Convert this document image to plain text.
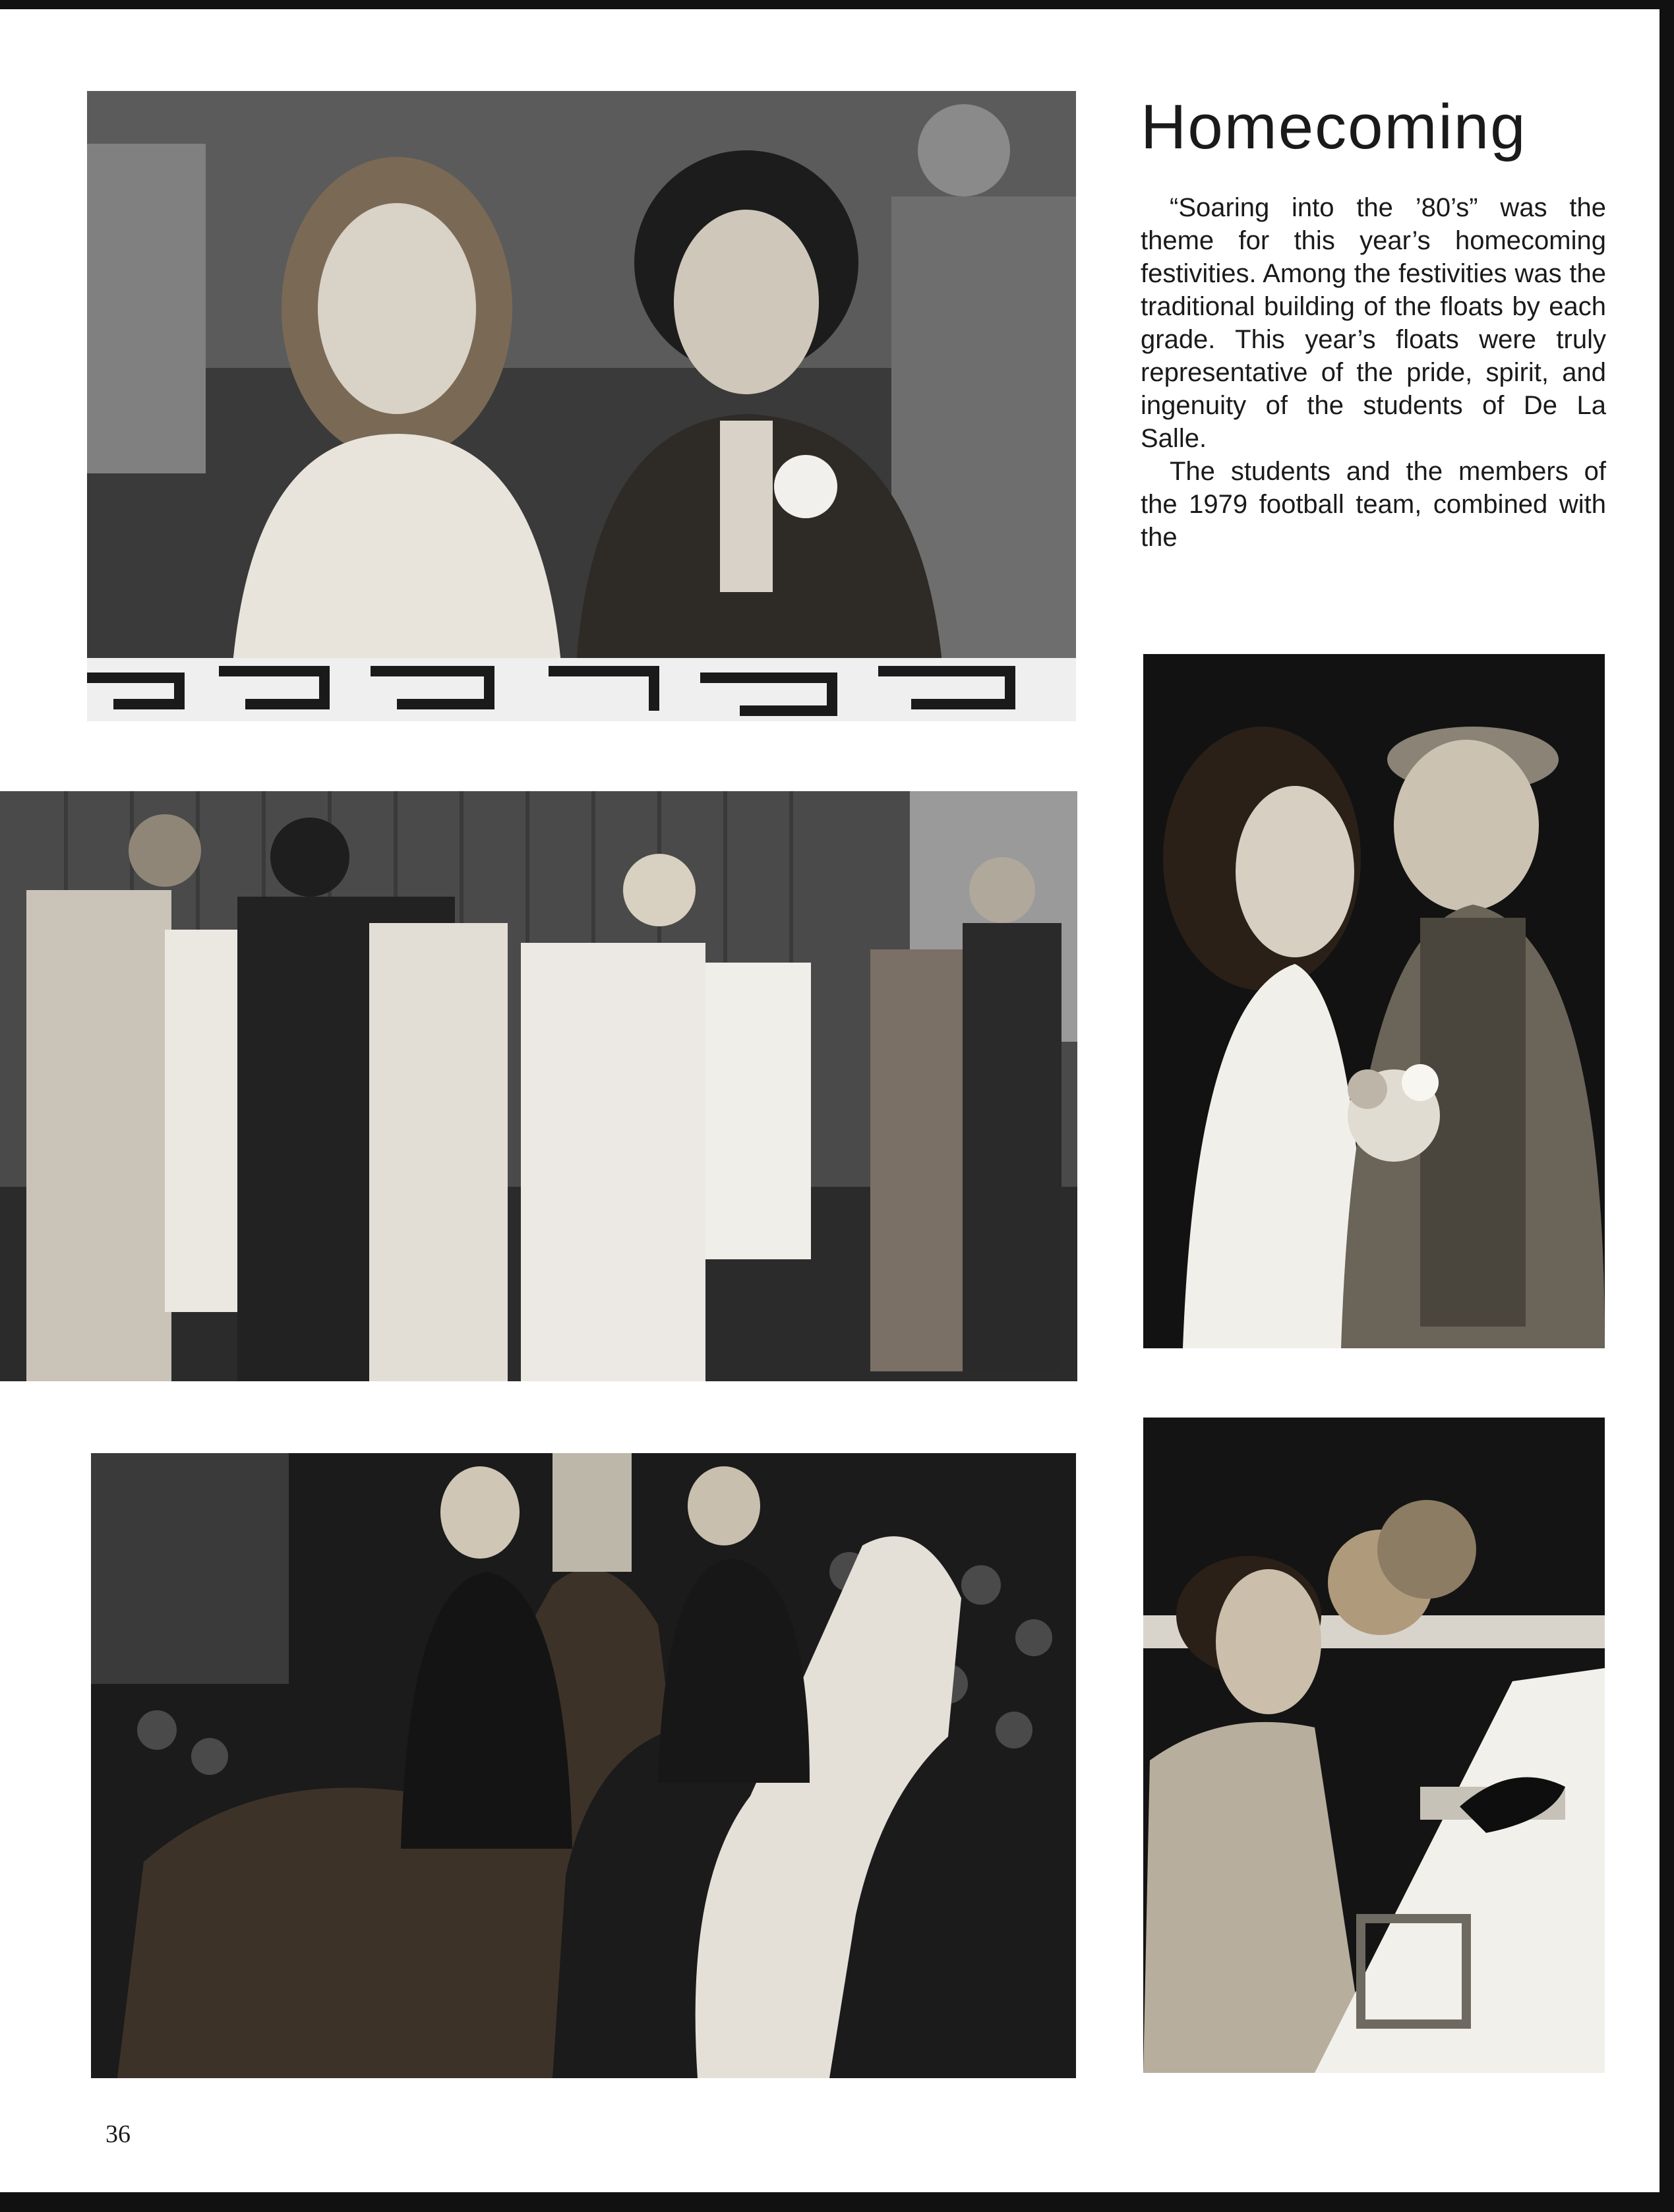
Homecoming

“Soaring into the ’80’s” was the theme for this year’s homecoming festivities. Among the festivities was the traditional building of the floats by each grade. This year’s floats were truly representative of the pride, spirit, and ingenuity of the students of De La Salle.

The students and the members of the 1979 football team, combined with the

36
